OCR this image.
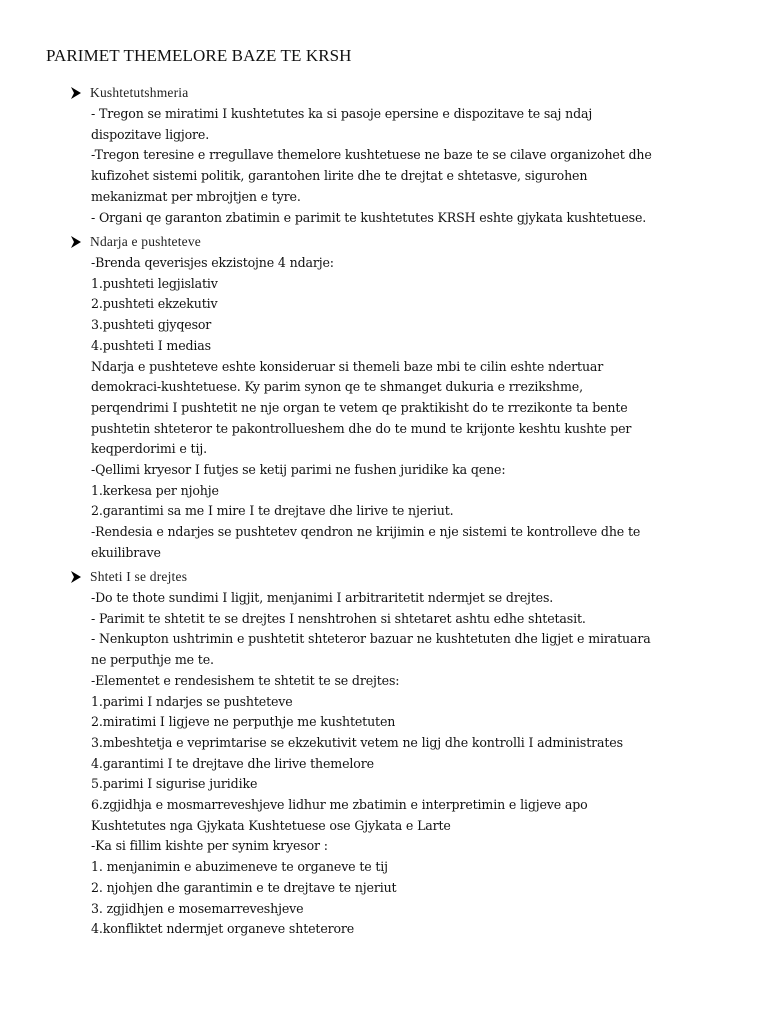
PARIMET THEMELORE BAZE TE KRSH
Kushtetutshmeria
- Tregon se miratimi I kushtetutes ka si pasoje epersine e dispozitave te saj ndaj
dispozitave ligjore.
-Tregon teresine e rregullave themelore kushtetuese ne baze te se cilave organizohet dhe
kufizohet sistemi politik, garantohen lirite dhe te drejtat e shtetasve, sigurohen
mekanizmat per mbrojtjen e tyre.
- Organi qe garanton zbatimin e parimit te kushtetutes KRSH eshte gjykata kushtetuese.
Ndarja e pushteteve
-Brenda qeverisjes ekzistojne 4 ndarje:
1.pushteti legjislativ
2.pushteti ekzekutiv
3.pushteti gjyqesor
4.pushteti I medias
Ndarja e pushteteve eshte konsideruar si themeli baze mbi te cilin eshte ndertuar
demokraci-kushtetuese. Ky parim synon qe te shmanget dukuria e rrezikshme,
perqendrimi I pushtetit ne nje organ te vetem qe praktikisht do te rrezikonte ta bente
pushtetin shteteror te pakontrollueshem dhe do te mund te krijonte keshtu kushte per
keqperdorimi e tij.
-Qellimi kryesor I futjes se ketij parimi ne fushen juridike ka qene:
1.kerkesa per njohje
2.garantimi sa me I mire I te drejtave dhe lirive te njeriut.
-Rendesia e ndarjes se pushtetev qendron ne krijimin e nje sistemi te kontrolleve dhe te
ekuilibrave
Shteti I se drejtes
-Do te thote sundimi I ligjit, menjanimi I arbitraritetit ndermjet se drejtes.
- Parimit te shtetit te se drejtes I nenshtrohen si shtetaret ashtu edhe shtetasit.
- Nenkupton ushtrimin e pushtetit shteteror bazuar ne kushtetuten dhe ligjet e miratuara
ne perputhje me te.
-Elementet e rendesishem te shtetit te se drejtes:
1.parimi I ndarjes se pushteteve
2.miratimi I ligjeve ne perputhje me kushtetuten
3.mbeshtetja e veprimtarise se ekzekutivit vetem ne ligj dhe kontrolli I administrates
4.garantimi I te drejtave dhe lirive themelore
5.parimi I sigurise juridike
6.zgjidhja e mosmarreveshjeve lidhur me zbatimin e interpretimin e ligjeve apo
Kushtetutes nga Gjykata Kushtetuese ose Gjykata e Larte
-Ka si fillim kishte per synim kryesor :
1. menjanimin e abuzimeneve te organeve te tij
2. njohjen dhe garantimin e te drejtave te njeriut
3. zgjidhjen e mosemarreveshjeve
4.konfliktet ndermjet organeve shteterore
